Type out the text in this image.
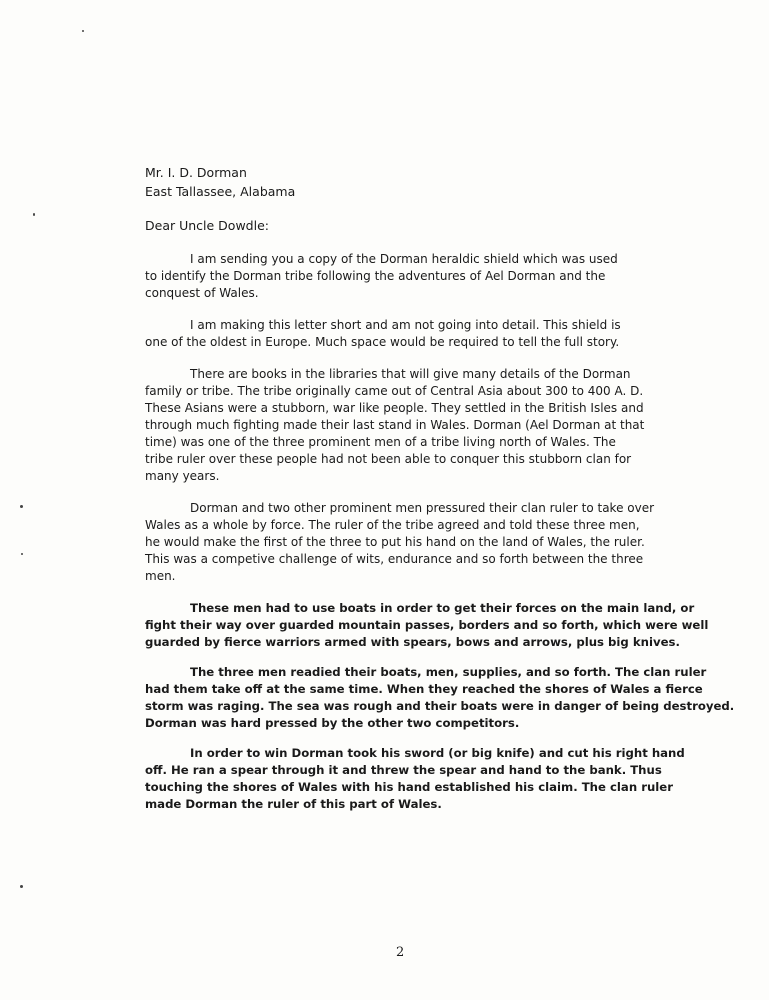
Mr. I. D. Dorman
East Tallassee, Alabama
Dear Uncle Dowdle:
I am sending you a copy of the Dorman heraldic shield which was used
to identify the Dorman tribe following the adventures of Ael Dorman and the
conquest of Wales.
I am making this letter short and am not going into detail. This shield is
one of the oldest in Europe. Much space would be required to tell the full story.
There are books in the libraries that will give many details of the Dorman
family or tribe. The tribe originally came out of Central Asia about 300 to 400 A. D.
These Asians were a stubborn, war like people. They settled in the British Isles and
through much fighting made their last stand in Wales. Dorman (Ael Dorman at that
time) was one of the three prominent men of a tribe living north of Wales. The
tribe ruler over these people had not been able to conquer this stubborn clan for
many years.
Dorman and two other prominent men pressured their clan ruler to take over
Wales as a whole by force. The ruler of the tribe agreed and told these three men,
he would make the first of the three to put his hand on the land of Wales, the ruler.
This was a competive challenge of wits, endurance and so forth between the three
men.
These men had to use boats in order to get their forces on the main land, or
fight their way over guarded mountain passes, borders and so forth, which were well
guarded by fierce warriors armed with spears, bows and arrows, plus big knives.
The three men readied their boats, men, supplies, and so forth. The clan ruler
had them take off at the same time. When they reached the shores of Wales a fierce
storm was raging. The sea was rough and their boats were in danger of being destroyed.
Dorman was hard pressed by the other two competitors.
In order to win Dorman took his sword (or big knife) and cut his right hand
off. He ran a spear through it and threw the spear and hand to the bank. Thus
touching the shores of Wales with his hand established his claim. The clan ruler
made Dorman the ruler of this part of Wales.
2
